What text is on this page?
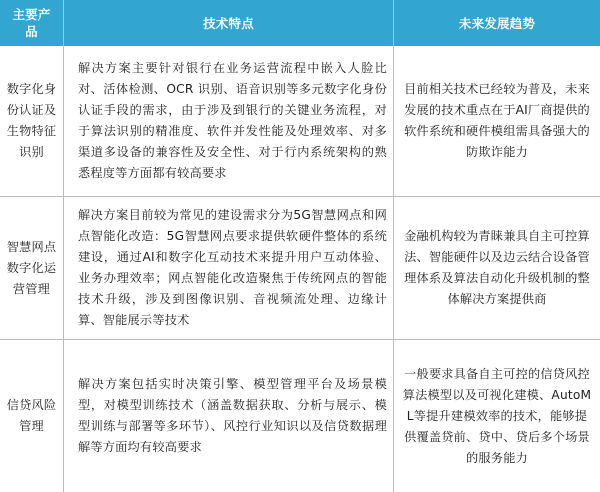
主要产品
技术特点	未来发展趋势
数字化身份认证及生物特征识别
解决方案主要针对银行在业务运营流程中嵌入人脸比对、活体检测、OCR 识别、语音识别等多元数字化身份认证手段的需求，由于涉及到银行的关键业务流程，对于算法识别的精准度、软件并发性能及处理效率、对多渠道多设备的兼容性及安全性、对于行内系统架构的熟悉程度等方面都有较高要求
目前相关技术已经较为普及，未来发展的技术重点在于AI厂商提供的软件系统和硬件模组需具备强大的防欺诈能力
智慧网点数字化运营管理
解决方案目前较为常见的建设需求分为5G智慧网点和网点智能化改造：5G智慧网点要求提供软硬件整体的系统建设，通过AI和数字化互动技术来提升用户互动体验、业务办理效率；网点智能化改造聚焦于传统网点的智能技术升级，涉及到图像识别、音视频流处理、边缘计算、智能展示等技术
金融机构较为青睐兼具自主可控算法、智能硬件以及边云结合设备管理体系及算法自动化升级机制的整体解决方案提供商
信贷风险管理
解决方案包括实时决策引擎、模型管理平台及场景模型，对模型训练技术（涵盖数据获取、分析与展示、模型训练与部署等多环节）、风控行业知识以及信贷数据理解等方面均有较高要求
一般要求具备自主可控的信贷风控算法模型以及可视化建模、AutoML等提升建模效率的技术，能够提供覆盖贷前、贷中、贷后多个场景的服务能力
